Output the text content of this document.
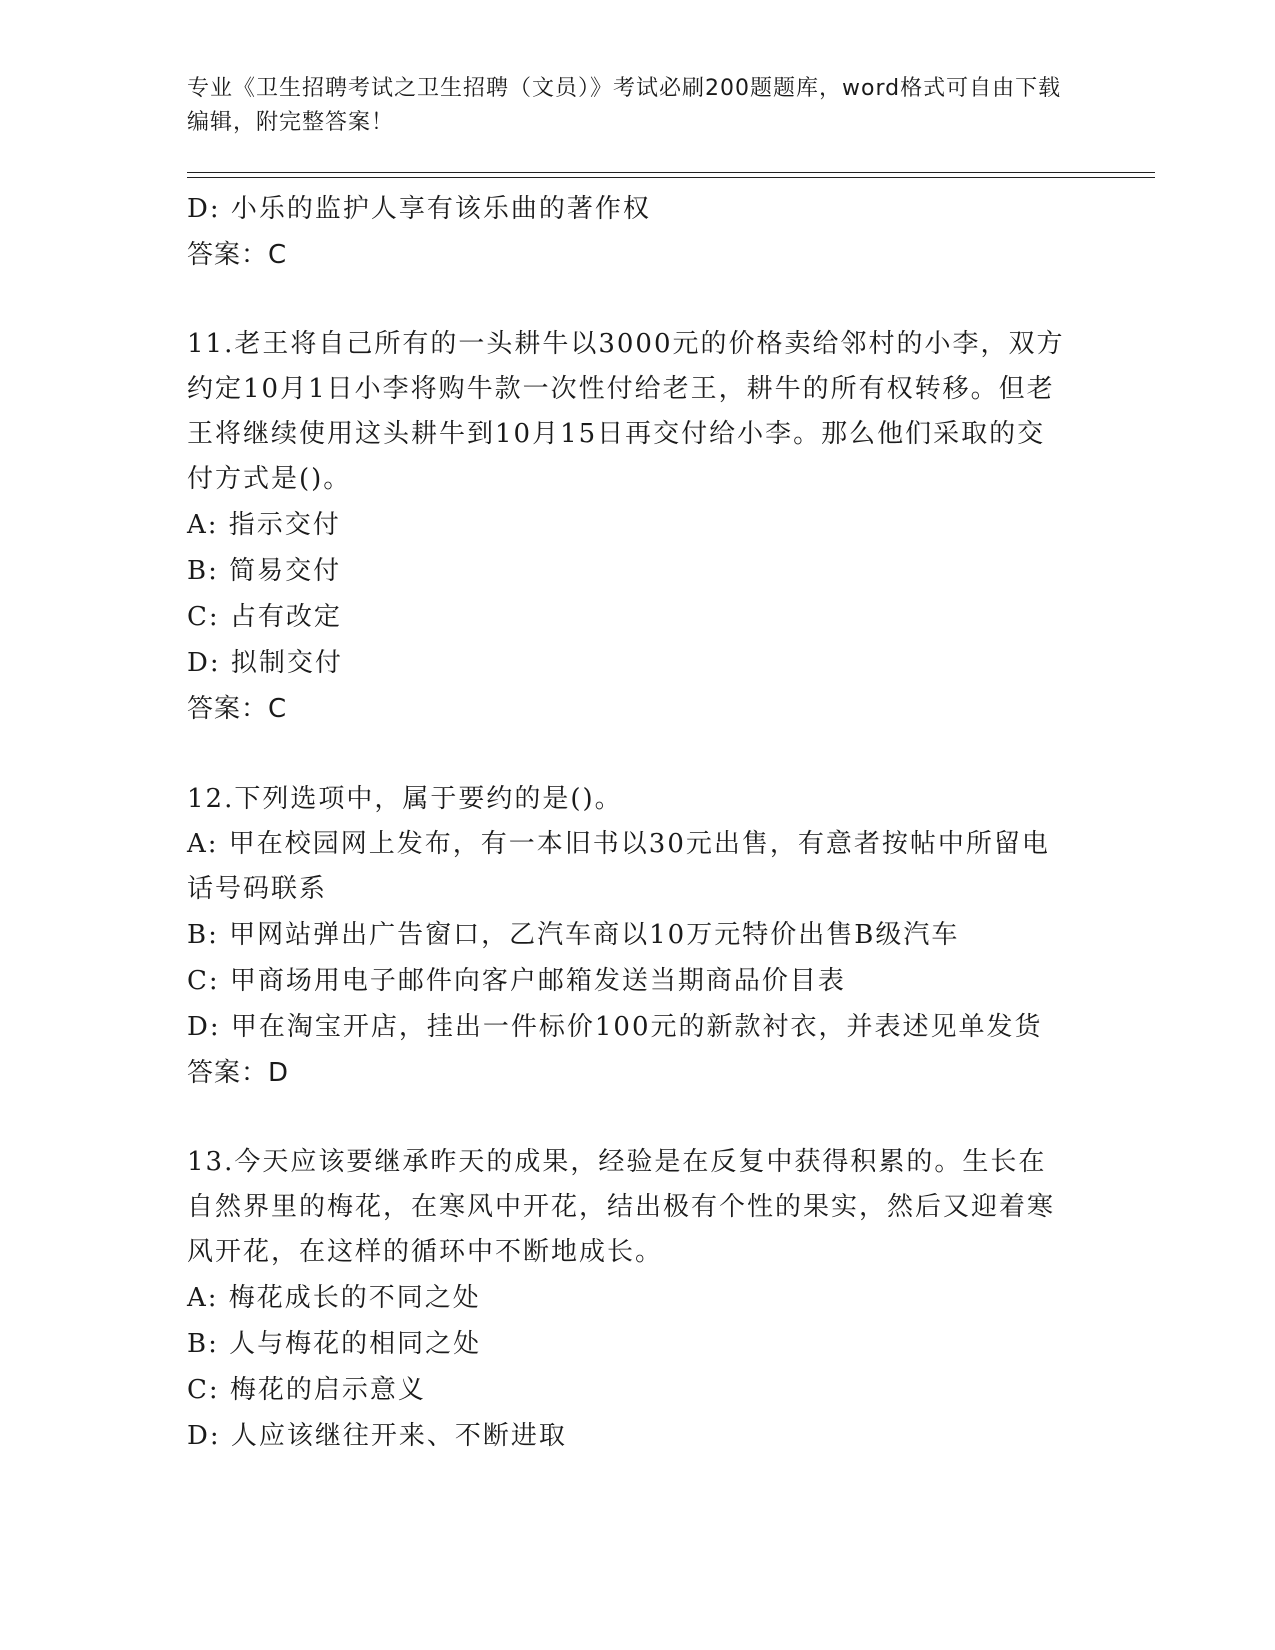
专业《卫生招聘考试之卫生招聘（文员）》考试必刷200题题库，word格式可自由下载编辑，附完整答案！
D: 小乐的监护人享有该乐曲的著作权
答案：C
11.老王将自己所有的一头耕牛以3000元的价格卖给邻村的小李，双方约定10月1日小李将购牛款一次性付给老王，耕牛的所有权转移。但老王将继续使用这头耕牛到10月15日再交付给小李。那么他们采取的交付方式是()。
A: 指示交付
B: 简易交付
C: 占有改定
D: 拟制交付
答案：C
12.下列选项中，属于要约的是()。
A: 甲在校园网上发布，有一本旧书以30元出售，有意者按帖中所留电话号码联系
B: 甲网站弹出广告窗口，乙汽车商以10万元特价出售B级汽车
C: 甲商场用电子邮件向客户邮箱发送当期商品价目表
D: 甲在淘宝开店，挂出一件标价100元的新款衬衣，并表述见单发货
答案：D
13.今天应该要继承昨天的成果，经验是在反复中获得积累的。生长在自然界里的梅花，在寒风中开花，结出极有个性的果实，然后又迎着寒风开花，在这样的循环中不断地成长。
A: 梅花成长的不同之处
B: 人与梅花的相同之处
C: 梅花的启示意义
D: 人应该继往开来、不断进取
